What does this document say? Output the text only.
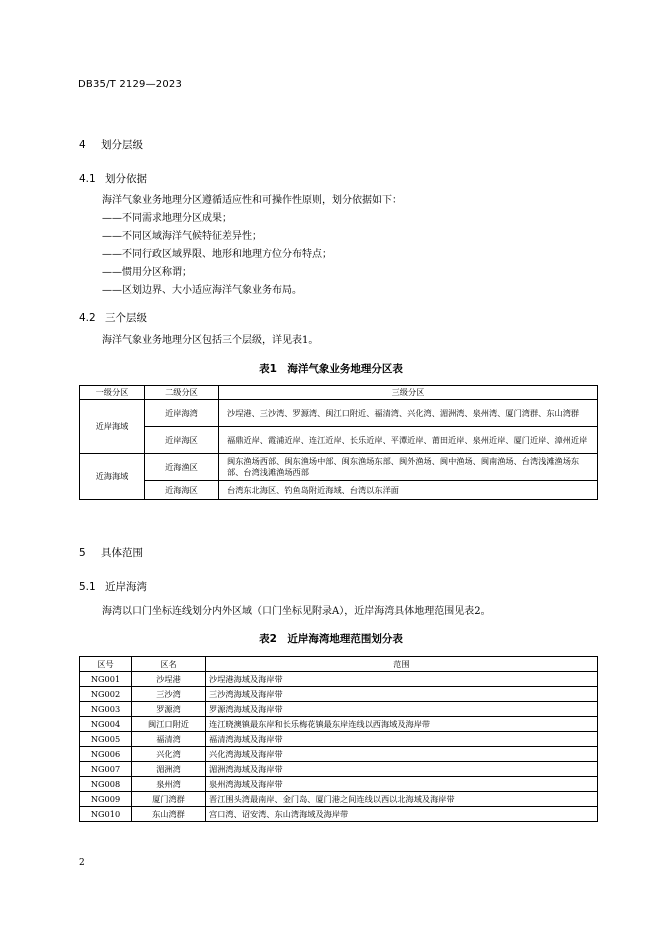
DB35/T 2129—2023
4 划分层级
4.1 划分依据
海洋气象业务地理分区遵循适应性和可操作性原则，划分依据如下：
——不同需求地理分区成果；
——不同区域海洋气候特征差异性；
——不同行政区域界限、地形和地理方位分布特点；
——惯用分区称谓；
——区划边界、大小适应海洋气象业务布局。
4.2 三个层级
海洋气象业务地理分区包括三个层级，详见表1。
表1　海洋气象业务地理分区表
一级分区	二级分区	三级分区
近岸海域	近岸海湾	沙埕港、三沙湾、罗源湾、闽江口附近、福清湾、兴化湾、湄洲湾、泉州湾、厦门湾群、东山湾群
	近岸海区	福鼎近岸、霞浦近岸、连江近岸、长乐近岸、平潭近岸、莆田近岸、泉州近岸、厦门近岸、漳州近岸
近海海域	近海渔区	闽东渔场西部、闽东渔场中部、闽东渔场东部、闽外渔场、闽中渔场、闽南渔场、台湾浅滩渔场东部、台湾浅滩渔场西部
	近海海区	台湾东北海区、钓鱼岛附近海域、台湾以东洋面
5 具体范围
5.1 近岸海湾
海湾以口门坐标连线划分内外区域（口门坐标见附录A），近岸海湾具体地理范围见表2。
表2　近岸海湾地理范围划分表
区号	区名	范围
NG001	沙埕港	沙埕港海域及海岸带
NG002	三沙湾	三沙湾海域及海岸带
NG003	罗源湾	罗源湾海域及海岸带
NG004	闽江口附近	连江晓澳镇最东岸和长乐梅花镇最东岸连线以西海域及海岸带
NG005	福清湾	福清湾海域及海岸带
NG006	兴化湾	兴化湾海域及海岸带
NG007	湄洲湾	湄洲湾海域及海岸带
NG008	泉州湾	泉州湾海域及海岸带
NG009	厦门湾群	晋江围头湾最南岸、金门岛、厦门港之间连线以西以北海域及海岸带
NG010	东山湾群	宫口湾、诏安湾、东山湾海域及海岸带
2
